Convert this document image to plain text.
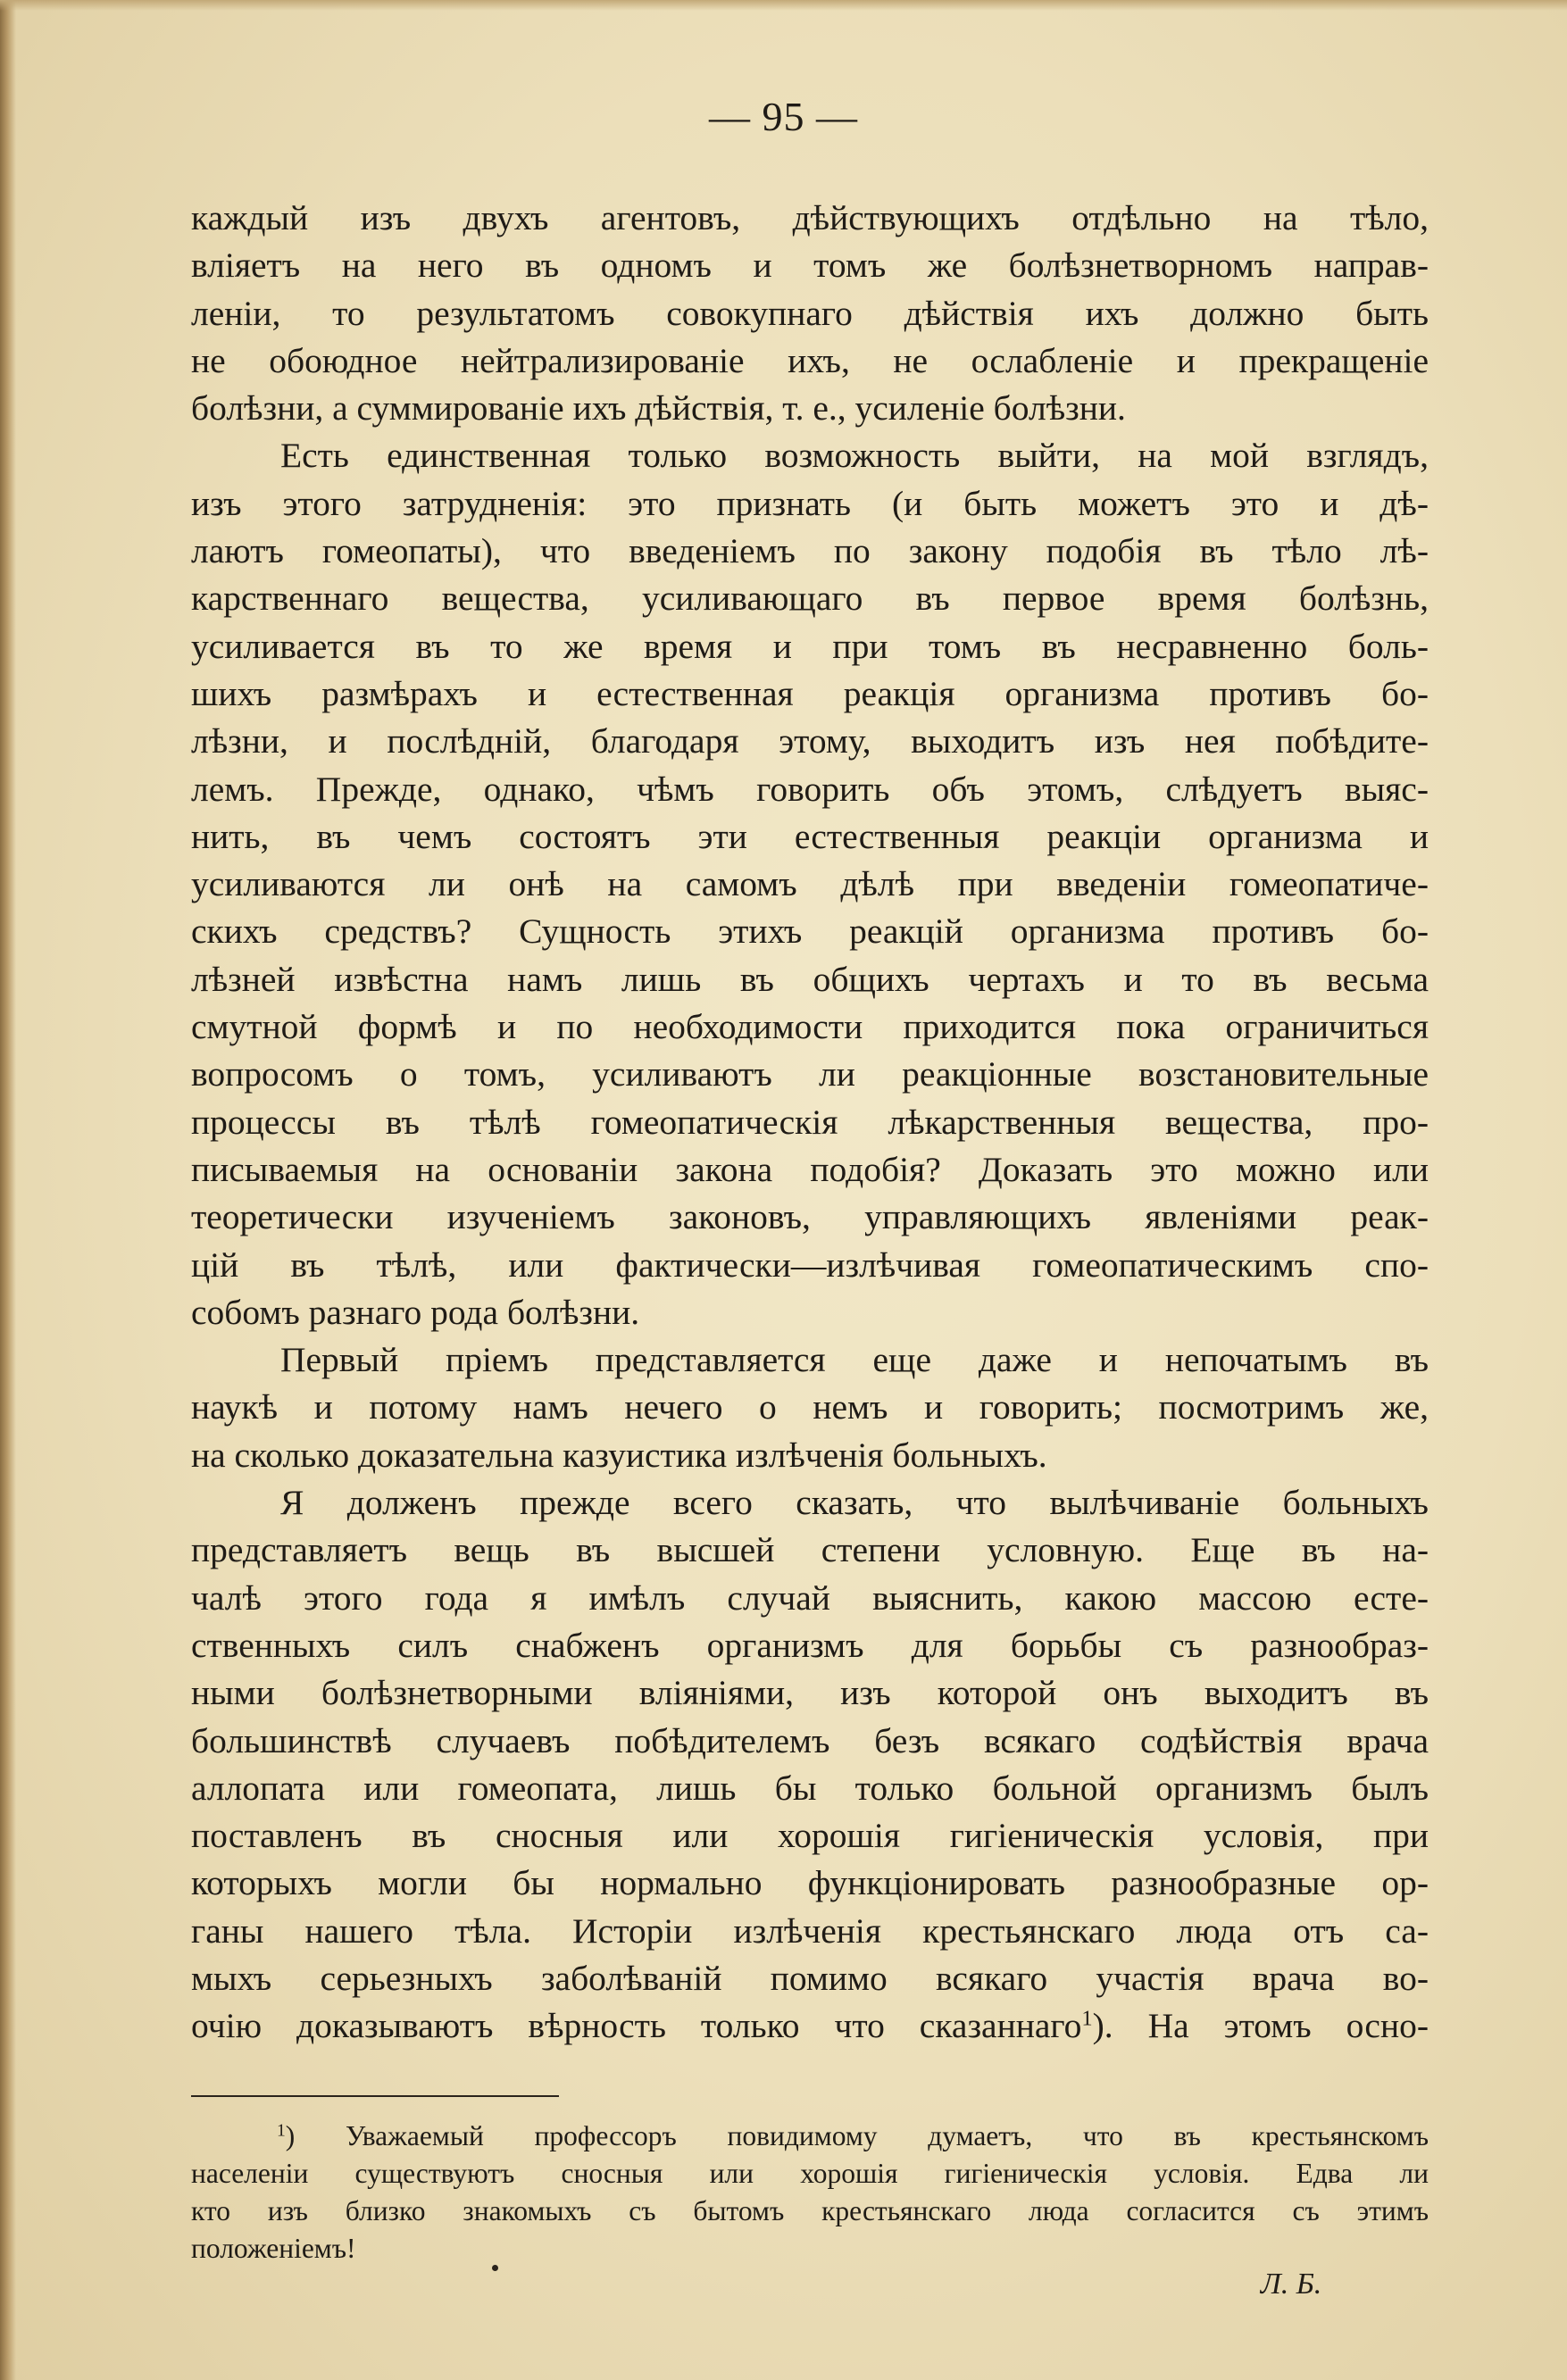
— 95 —
каждый изъ двухъ агентовъ, дѣйствующихъ отдѣльно на тѣло,
вліяетъ на него въ одномъ и томъ же болѣзнетворномъ направ-
леніи, то результатомъ совокупнаго дѣйствія ихъ должно быть
не обоюдное нейтрализированіе ихъ, не ослабленіе и прекращеніе
болѣзни, а суммированіе ихъ дѣйствія, т. е., усиленіе болѣзни.
Есть единственная только возможность выйти, на мой взглядъ,
изъ этого затрудненія: это признать (и быть можетъ это и дѣ-
лаютъ гомеопаты), что введеніемъ по закону подобія въ тѣло лѣ-
карственнаго вещества, усиливающаго въ первое время болѣзнь,
усиливается въ то же время и при томъ въ несравненно боль-
шихъ размѣрахъ и естественная реакція организма противъ бо-
лѣзни, и послѣдній, благодаря этому, выходитъ изъ нея побѣдите-
лемъ. Прежде, однако, чѣмъ говорить объ этомъ, слѣдуетъ выяс-
нить, въ чемъ состоятъ эти естественныя реакціи организма и
усиливаются ли онѣ на самомъ дѣлѣ при введеніи гомеопатиче-
скихъ средствъ? Сущность этихъ реакцій организма противъ бо-
лѣзней извѣстна намъ лишь въ общихъ чертахъ и то въ весьма
смутной формѣ и по необходимости приходится пока ограничиться
вопросомъ о томъ, усиливаютъ ли реакціонные возстановительные
процессы въ тѣлѣ гомеопатическія лѣкарственныя вещества, про-
писываемыя на основаніи закона подобія? Доказать это можно или
теоретически изученіемъ законовъ, управляющихъ явленіями реак-
цій въ тѣлѣ, или фактически—излѣчивая гомеопатическимъ спо-
собомъ разнаго рода болѣзни.
Первый пріемъ представляется еще даже и непочатымъ въ
наукѣ и потому намъ нечего о немъ и говорить; посмотримъ же,
на сколько доказательна казуистика излѣченія больныхъ.
Я долженъ прежде всего сказать, что вылѣчиваніе больныхъ
представляетъ вещь въ высшей степени условную. Еще въ на-
чалѣ этого года я имѣлъ случай выяснить, какою массою есте-
ственныхъ силъ снабженъ организмъ для борьбы съ разнообраз-
ными болѣзнетворными вліяніями, изъ которой онъ выходитъ въ
большинствѣ случаевъ побѣдителемъ безъ всякаго содѣйствія врача
аллопата или гомеопата, лишь бы только больной организмъ былъ
поставленъ въ сносныя или хорошія гигіеническія условія, при
которыхъ могли бы нормально функціонировать разнообразные ор-
ганы нашего тѣла. Исторіи излѣченія крестьянскаго люда отъ са-
мыхъ серьезныхъ заболѣваній помимо всякаго участія врача во-
очію доказываютъ вѣрность только что сказаннаго$^1$). На этомъ осно-
$^1$) Уважаемый профессоръ повидимому думаетъ, что въ крестьянскомъ
населеніи существуютъ сносныя или хорошія гигіеническія условія. Едва ли
кто изъ близко знакомыхъ съ бытомъ крестьянскаго люда согласится съ этимъ
положеніемъ!
Л. Б.
